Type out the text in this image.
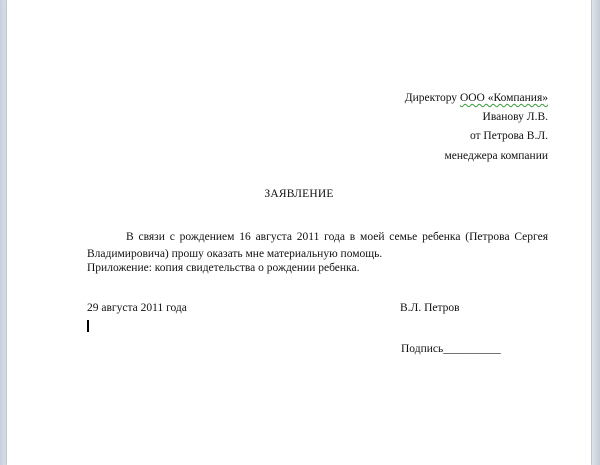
Директору ООО «Компания»
Иванову Л.В.
от Петрова В.Л.
менеджера компании
ЗАЯВЛЕНИЕ
В связи с рождением 16 августа 2011 года в моей семье ребенка (Петрова Сергея Владимировича) прошу оказать мне материальную помощь.
Приложение: копия свидетельства о рождении ребенка.
29 августа 2011 года	В.Л. Петров
Подпись__________
